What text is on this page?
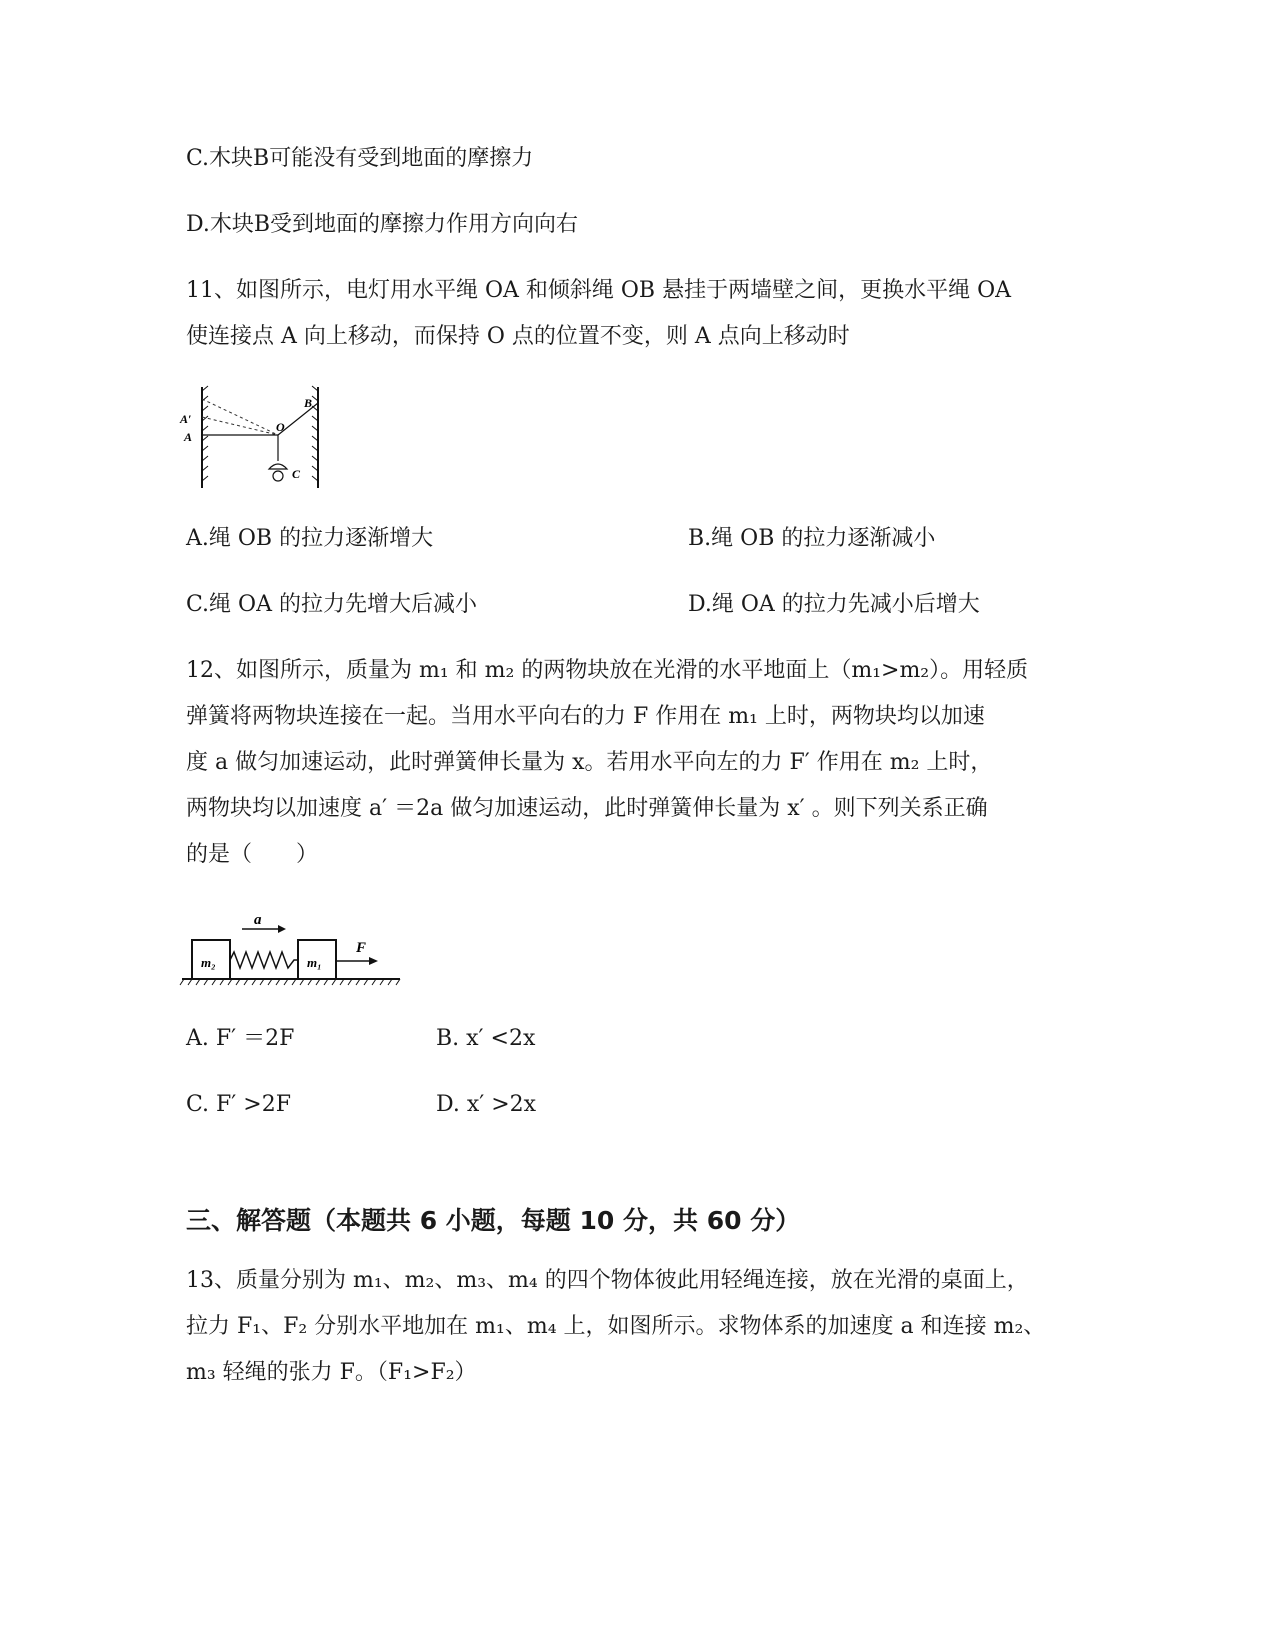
C.木块B可能没有受到地面的摩擦力
D.木块B受到地面的摩擦力作用方向向右
11、如图所示，电灯用水平绳 OA 和倾斜绳 OB 悬挂于两墙壁之间，更换水平绳 OA
使连接点 A 向上移动，而保持 O 点的位置不变，则 A 点向上移动时
A′
A
O
B
C
A.绳 OB 的拉力逐渐增大	B.绳 OB 的拉力逐渐减小
C.绳 OA 的拉力先增大后减小	D.绳 OA 的拉力先减小后增大
12、如图所示，质量为 m₁ 和 m₂ 的两物块放在光滑的水平地面上（m₁>m₂）。用轻质
弹簧将两物块连接在一起。当用水平向右的力 F 作用在 m₁ 上时，两物块均以加速
度 a 做匀加速运动，此时弹簧伸长量为 x。若用水平向左的力 F′ 作用在 m₂ 上时，
两物块均以加速度 a′ ＝2a 做匀加速运动，此时弹簧伸长量为 x′ 。则下列关系正确
的是（　　）
a
F
m₂	m₁
A. F′ ＝2F	B. x′ <2x
C. F′ >2F	D. x′ >2x
三、解答题（本题共 6 小题，每题 10 分，共 60 分）
13、质量分别为 m₁、m₂、m₃、m₄ 的四个物体彼此用轻绳连接，放在光滑的桌面上，
拉力 F₁、F₂ 分别水平地加在 m₁、m₄ 上，如图所示。求物体系的加速度 a 和连接 m₂、
m₃ 轻绳的张力 F。（F₁>F₂）
